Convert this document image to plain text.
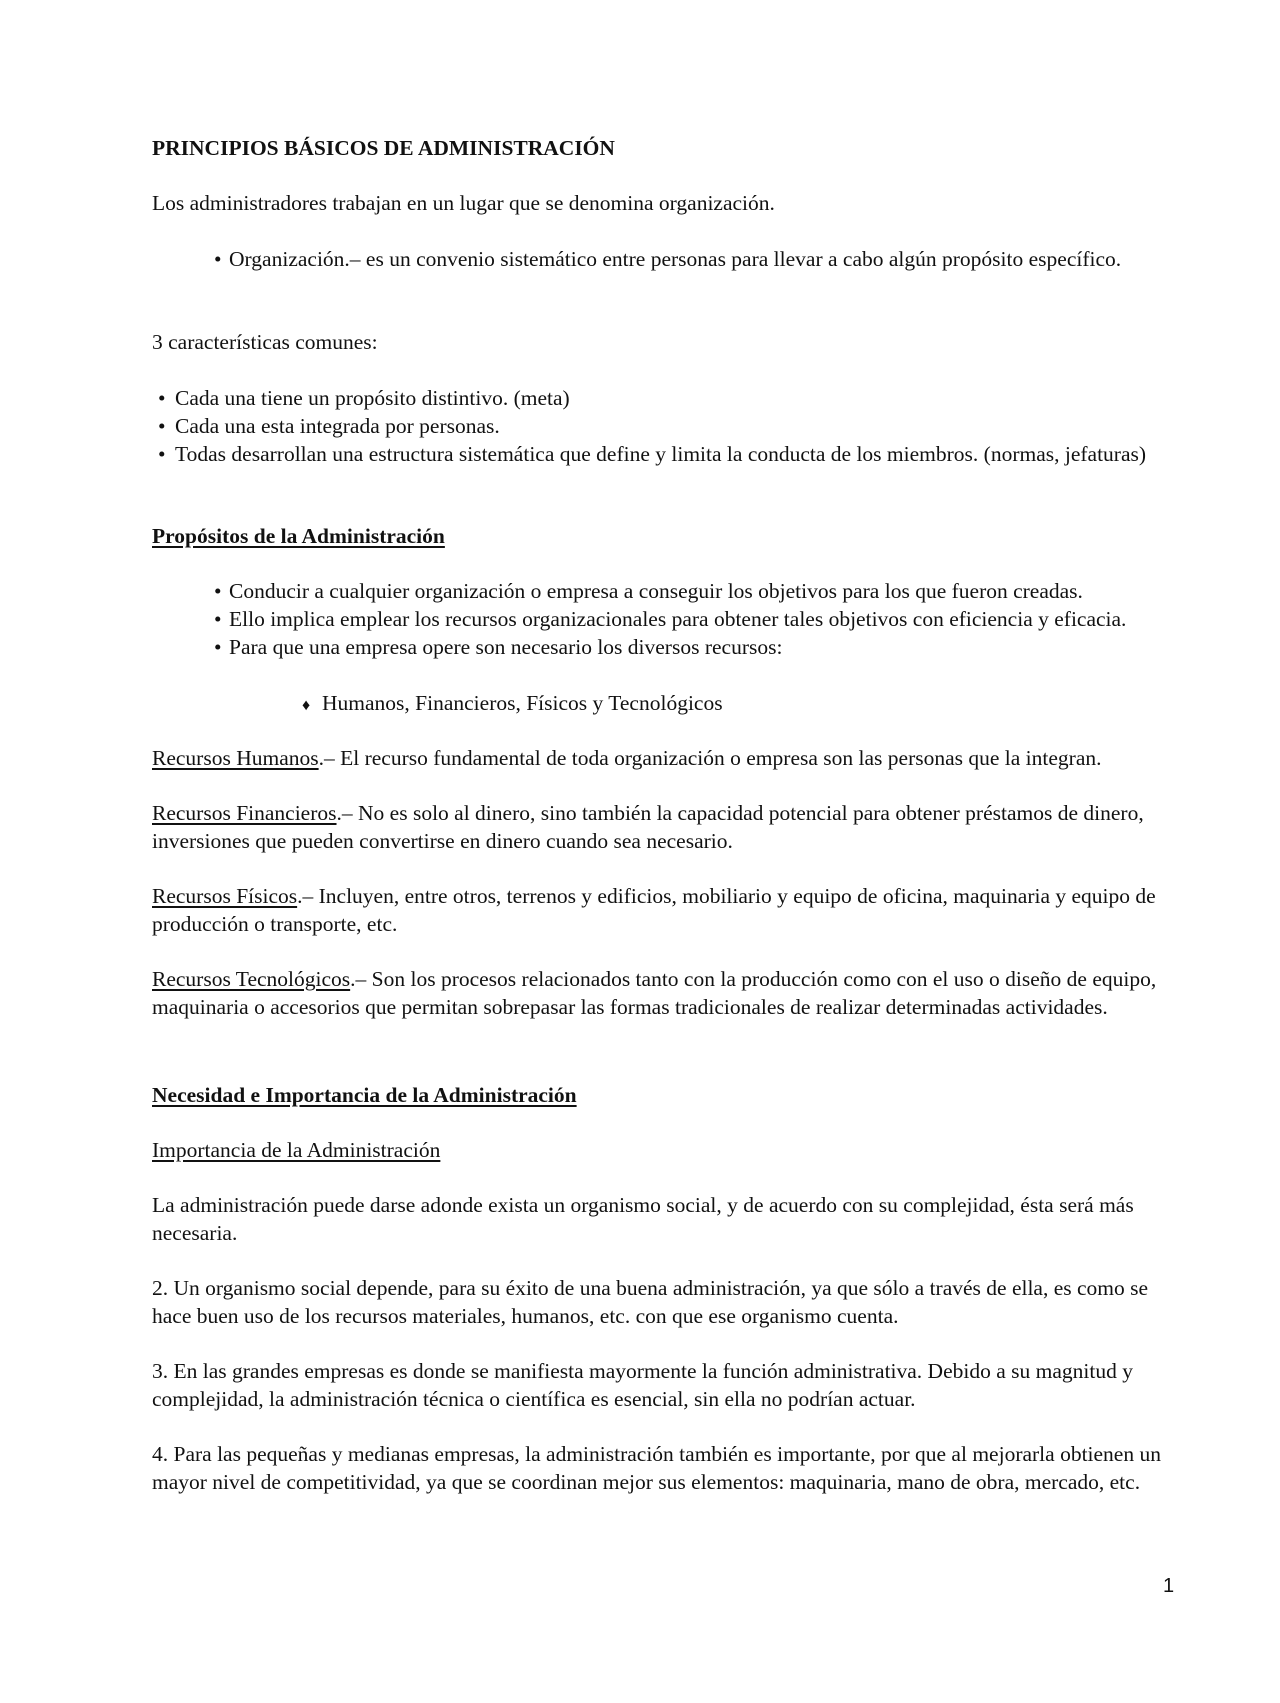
PRINCIPIOS BÁSICOS DE ADMINISTRACIÓN
Los administradores trabajan en un lugar que se denomina organización.
• Organización.– es un convenio sistemático entre personas para llevar a cabo algún propósito específico.
3 características comunes:
• Cada una tiene un propósito distintivo. (meta)
• Cada una esta integrada por personas.
• Todas desarrollan una estructura sistemática que define y limita la conducta de los miembros. (normas, jefaturas)
Propósitos de la Administración
• Conducir a cualquier organización o empresa a conseguir los objetivos para los que fueron creadas.
• Ello implica emplear los recursos organizacionales para obtener tales objetivos con eficiencia y eficacia.
• Para que una empresa opere son necesario los diversos recursos:
♦ Humanos, Financieros, Físicos y Tecnológicos
Recursos Humanos.– El recurso fundamental de toda organización o empresa son las personas que la integran.
Recursos Financieros.– No es solo al dinero, sino también la capacidad potencial para obtener préstamos de dinero, inversiones que pueden convertirse en dinero cuando sea necesario.
Recursos Físicos.– Incluyen, entre otros, terrenos y edificios, mobiliario y equipo de oficina, maquinaria y equipo de producción o transporte, etc.
Recursos Tecnológicos.– Son los procesos relacionados tanto con la producción como con el uso o diseño de equipo, maquinaria o accesorios que permitan sobrepasar las formas tradicionales de realizar determinadas actividades.
Necesidad e Importancia de la Administración
Importancia de la Administración
La administración puede darse adonde exista un organismo social, y de acuerdo con su complejidad, ésta será más necesaria.
2. Un organismo social depende, para su éxito de una buena administración, ya que sólo a través de ella, es como se hace buen uso de los recursos materiales, humanos, etc. con que ese organismo cuenta.
3. En las grandes empresas es donde se manifiesta mayormente la función administrativa. Debido a su magnitud y complejidad, la administración técnica o científica es esencial, sin ella no podrían actuar.
4. Para las pequeñas y medianas empresas, la administración también es importante, por que al mejorarla obtienen un mayor nivel de competitividad, ya que se coordinan mejor sus elementos: maquinaria, mano de obra, mercado, etc.
1
